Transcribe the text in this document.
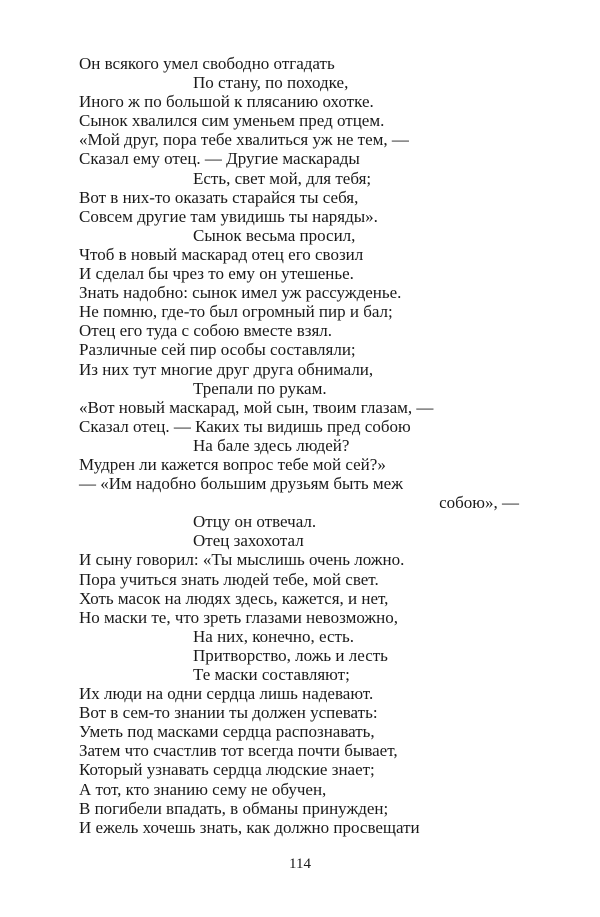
Он всякого умел свободно отгадать
По стану, по походке,
Иного ж по большой к плясанию охотке.
Сынок хвалился сим уменьем пред отцем.
«Мой друг, пора тебе хвалиться уж не тем, —
Сказал ему отец. — Другие маскарады
Есть, свет мой, для тебя;
Вот в них-то оказать старайся ты себя,
Совсем другие там увидишь ты наряды».
Сынок весьма просил,
Чтоб в новый маскарад отец его свозил
И сделал бы чрез то ему он утешенье.
Знать надобно: сынок имел уж рассужденье.
Не помню, где-то был огромный пир и бал;
Отец его туда с собою вместе взял.
Различные сей пир особы составляли;
Из них тут многие друг друга обнимали,
Трепали по рукам.
«Вот новый маскарад, мой сын, твоим глазам, —
Сказал отец. — Каких ты видишь пред собою
На бале здесь людей?
Мудрен ли кажется вопрос тебе мой сей?»
— «Им надобно большим друзьям быть меж
собою», —
Отцу он отвечал.
Отец захохотал
И сыну говорил: «Ты мыслишь очень ложно.
Пора учиться знать людей тебе, мой свет.
Хоть масок на людях здесь, кажется, и нет,
Но маски те, что зреть глазами невозможно,
На них, конечно, есть.
Притворство, ложь и лесть
Те маски составляют;
Их люди на одни сердца лишь надевают.
Вот в сем-то знании ты должен успевать:
Уметь под масками сердца распознавать,
Затем что счастлив тот всегда почти бывает,
Который узнавать сердца людские знает;
А тот, кто знанию сему не обучен,
В погибели впадать, в обманы принужден;
И ежель хочешь знать, как должно просвещати
114
